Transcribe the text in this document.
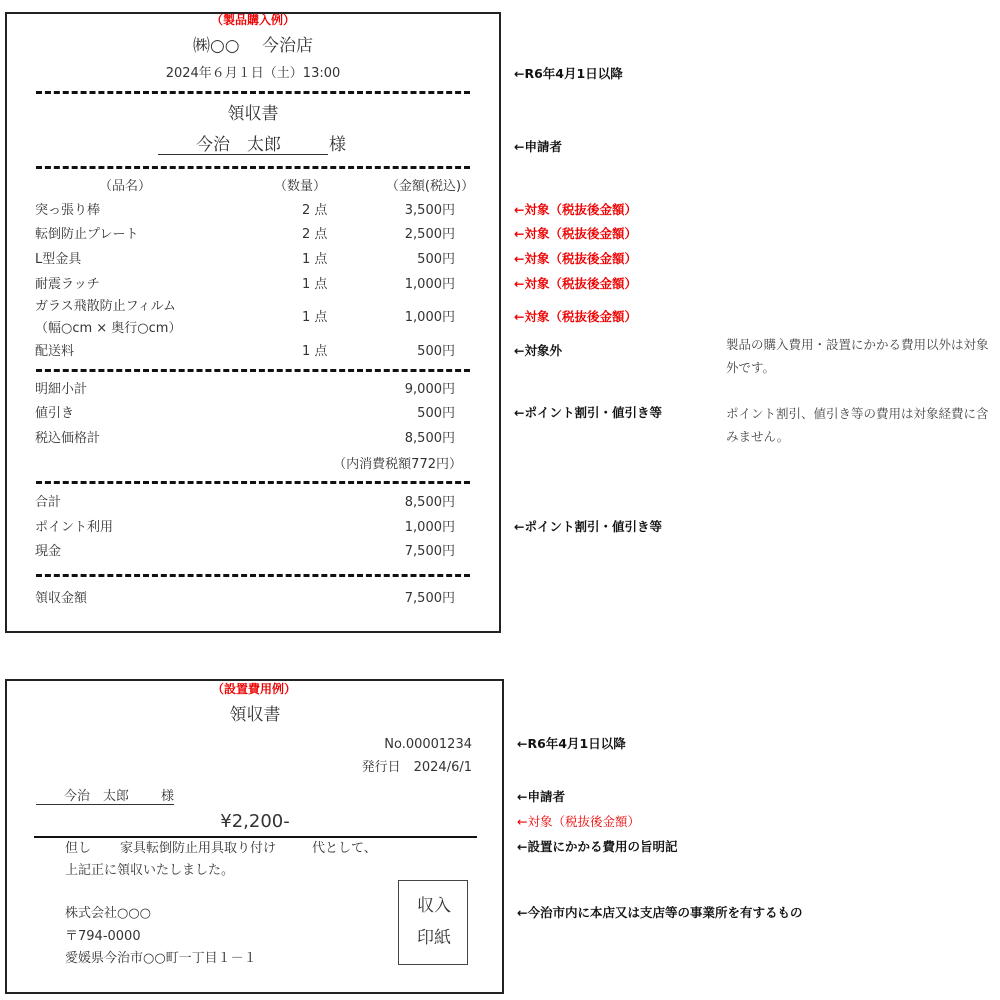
（製品購入例）
㈱○○　 今治店
2024年６月１日（土）13:00
領収書
今治　太郎	様
（品名）	（数量）	（金額(税込)）
突っ張り棒	2 点	3,500円
転倒防止プレート	2 点	2,500円
L型金具	1 点	500円
耐震ラッチ	1 点	1,000円
ガラス飛散防止フィルム
（幅○cm × 奥行○cm）
1 点	1,000円
配送料	1 点	500円
明細小計	9,000円
値引き	500円
税込価格計	8,500円
（内消費税額772円）
合計	8,500円
ポイント利用	1,000円
現金	7,500円
領収金額	7,500円
←R6年4月1日以降
←申請者
←対象（税抜後金額）
←対象（税抜後金額）
←対象（税抜後金額）
←対象（税抜後金額）
←対象（税抜後金額）
←対象外	製品の購入費用・設置にかかる費用以外は対象外です。
←ポイント割引・値引き等	ポイント割引、値引き等の費用は対象経費に含みません。
←ポイント割引・値引き等
（設置費用例）
領収書
No.00001234
発行日　2024/6/1
今治　太郎 様
¥2,200-
但し 家具転倒防止用具取り付け	代として、
上記正に領収いたしました。
株式会社○○○
〒794-0000
愛媛県今治市○○町一丁目１－１
収入
印紙
←R6年4月1日以降
←申請者
←対象（税抜後金額）
←設置にかかる費用の旨明記
←今治市内に本店又は支店等の事業所を有するもの
